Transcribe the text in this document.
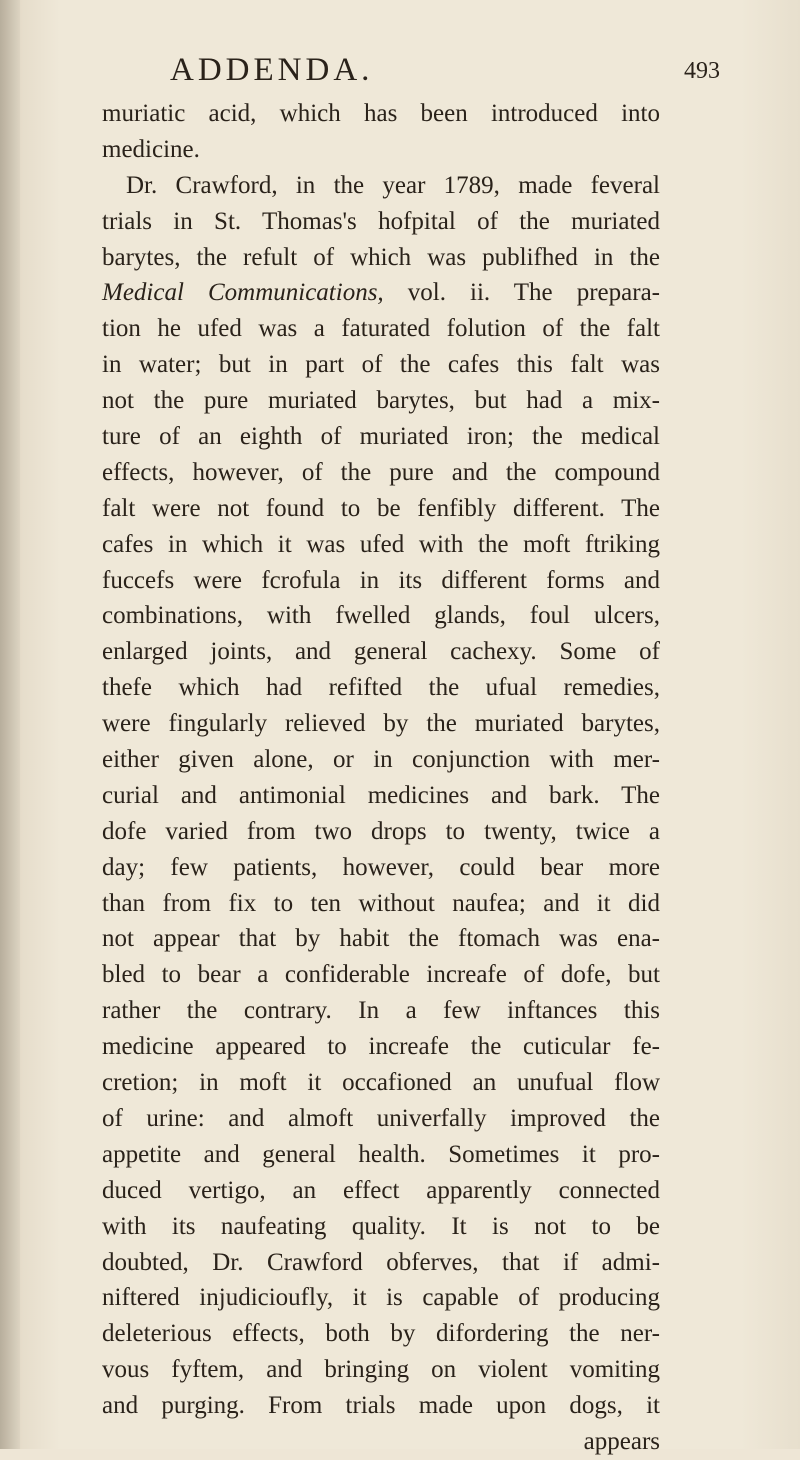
ADDENDA.	493
muriatic acid, which has been introduced into
medicine.
Dr. Crawford, in the year 1789, made feveral
trials in St. Thomas's hofpital of the muriated
barytes, the refult of which was publifhed in the
Medical Communications, vol. ii. The prepara-
tion he ufed was a faturated folution of the falt
in water; but in part of the cafes this falt was
not the pure muriated barytes, but had a mix-
ture of an eighth of muriated iron; the medical
effects, however, of the pure and the compound
falt were not found to be fenfibly different. The
cafes in which it was ufed with the moft ftriking
fuccefs were fcrofula in its different forms and
combinations, with fwelled glands, foul ulcers,
enlarged joints, and general cachexy. Some of
thefe which had refifted the ufual remedies,
were fingularly relieved by the muriated barytes,
either given alone, or in conjunction with mer-
curial and antimonial medicines and bark. The
dofe varied from two drops to twenty, twice a
day; few patients, however, could bear more
than from fix to ten without naufea; and it did
not appear that by habit the ftomach was ena-
bled to bear a confiderable increafe of dofe, but
rather the contrary. In a few inftances this
medicine appeared to increafe the cuticular fe-
cretion; in moft it occafioned an unufual flow
of urine: and almoft univerfally improved the
appetite and general health. Sometimes it pro-
duced vertigo, an effect apparently connected
with its naufeating quality. It is not to be
doubted, Dr. Crawford obferves, that if admi-
niftered injudicioufly, it is capable of producing
deleterious effects, both by difordering the ner-
vous fyftem, and bringing on violent vomiting
and purging. From trials made upon dogs, it
appears
